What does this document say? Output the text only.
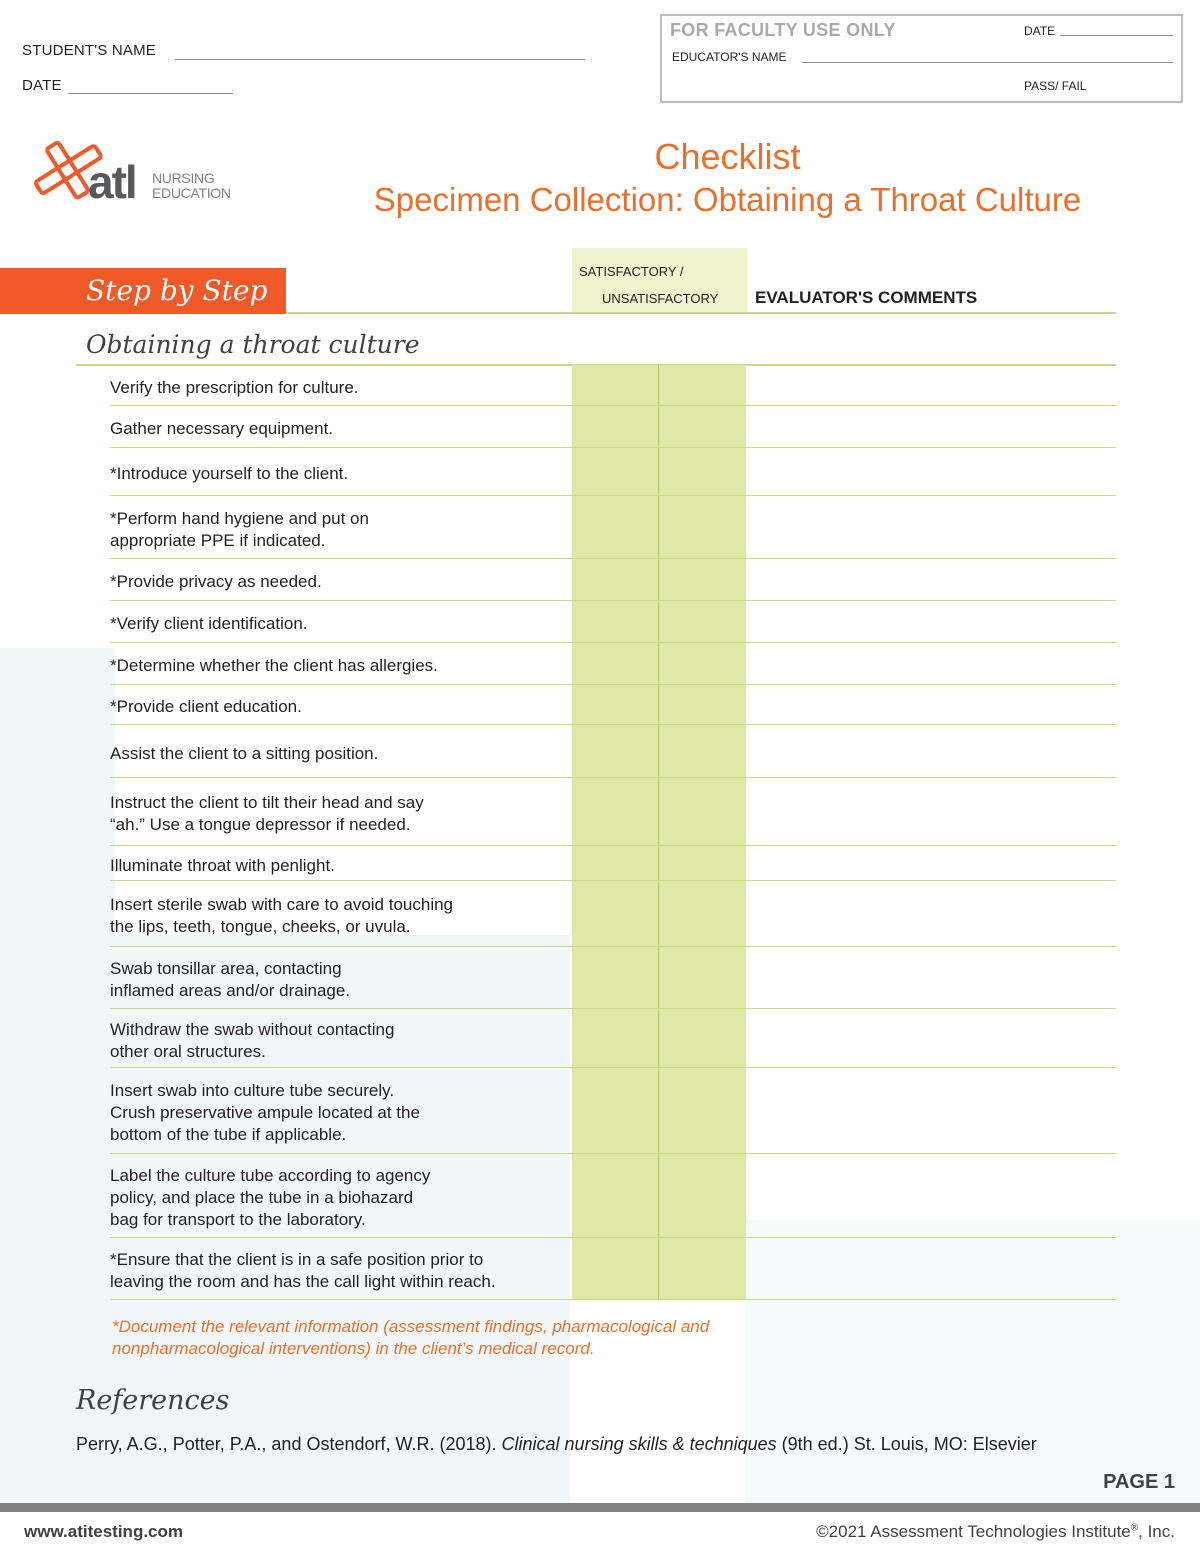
STUDENT'S NAME
DATE
FOR FACULTY USE ONLY	DATE
EDUCATOR'S NAME
PASS/ FAIL
atl NURSING
EDUCATION
Checklist
Specimen Collection: Obtaining a Throat Culture
Step by Step
SATISFACTORY /
UNSATISFACTORY EVALUATOR'S COMMENTS
Obtaining a throat culture
Verify the prescription for culture.
Gather necessary equipment.
*Introduce yourself to the client.
*Perform hand hygiene and put on
appropriate PPE if indicated.
*Provide privacy as needed.
*Verify client identification.
*Determine whether the client has allergies.
*Provide client education.
Assist the client to a sitting position.
Instruct the client to tilt their head and say
“ah.” Use a tongue depressor if needed.
Illuminate throat with penlight.
Insert sterile swab with care to avoid touching
the lips, teeth, tongue, cheeks, or uvula.
Swab tonsillar area, contacting
inflamed areas and/or drainage.
Withdraw the swab without contacting
other oral structures.
Insert swab into culture tube securely.
Crush preservative ampule located at the
bottom of the tube if applicable.
Label the culture tube according to agency
policy, and place the tube in a biohazard
bag for transport to the laboratory.
*Ensure that the client is in a safe position prior to
leaving the room and has the call light within reach.
*Document the relevant information (assessment findings, pharmacological and
nonpharmacological interventions) in the client’s medical record.
References
Perry, A.G., Potter, P.A., and Ostendorf, W.R. (2018). Clinical nursing skills & techniques (9th ed.) St. Louis, MO: Elsevier
PAGE 1
www.atitesting.com	©2021 Assessment Technologies Institute®, Inc.
